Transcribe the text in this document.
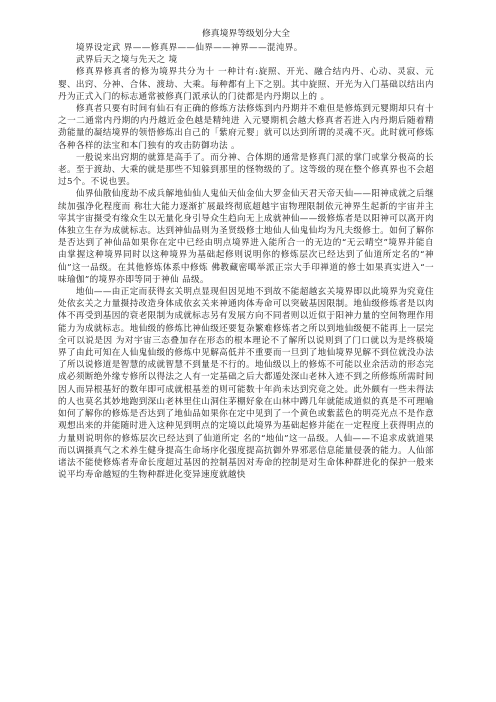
修真境界等级划分大全

境界设定武 界——修真界——仙界——神界——混沌界。

武界后天之境与先天之 境

修真界修真者的修为境界共分为十 一种计有:旋照、开光、融合结内丹、心动、灵寂、元婴、出窍、分神、合体、渡劫、大乘。每种都有上下之别。其中旋照、开光为入门基础以结出内丹为正式入门的标志通常被修真门派承认的门徒都是内丹期以上的 。

修真者只要有时间有仙石有正确的修炼方法修炼到内丹期并不难但是修炼到元婴期却只有十之一二通常内丹期的内丹越近金色越是精纯进 入元婴期机会越大修真者若进入内丹期后随着精劲能量的凝结境界的领悟修炼出自己的「紫府元婴」就可以达到所谓的灵魂不灭。此时就可修炼各种各样的法宝和本门独有的攻击防御功法 。

一般说来出窍期的就算是高手了。而分神、合体期的通常是修真门派的掌门或掌分极高的长老。至于渡劫、大乘的就是那些不知躲到那里的怪物级的了。这等级的现在整个修真界也不会超 过5个。不说也罢。

仙界仙散仙度劫不成兵解地仙仙人鬼仙天仙金仙大罗金仙天君天帝天仙——阳神成就之后继续加强净化程度而 称壮大能力逐渐扩展最终彻底超越宇宙物理限制依元神界生起新的宇宙并主宰其宇宙摄受有缘众生以无量化身引导众生趋向无上成就神仙——级修炼者是以阳神可以离开肉体独立生存为成就标志。达到神仙品则为圣贤级修士地仙人仙鬼仙均为凡夫级修士。如何了解你是否达到了神仙品如果你在定中已经由明点境界进入能所合一的无边的“无云晴空”境界并能自由掌握这种境界同时以这种境界为基础起修则说明你的修炼层次已经达到了仙道所定名的“神仙”这一品级。在其他修炼体系中修炼 佛教藏密噶举派正宗大手印禅道的修士如果真实进入“一味瑜伽”的境界亦即等同于神仙 品级。

地仙——由正定而获得玄关明点显现但因见地不到故不能超越玄关境界即以此境界为究竟住处依玄关之力量摄持改造身体成依玄关来神通肉体寿命可以突破基因限制。地仙级修炼者是以肉体不再受到基因的衰老限制为成就标志另有发展方向不同者则以近似于阳神力量的空间物理作用能力为成就标志。地仙级的修炼比神仙级还要复杂繁难修炼者之所以到地仙级便不能再上一层完全可以说是因 为对宇宙三态叠加存在形态的根本理论不了解所以说则到了门口就以为是终极境界了由此可知在人仙鬼仙级的修炼中见解高低并不重要而一旦到了地仙境界见解不到位就没办法了所以说修道是智慧的成就智慧不到量是不行的。地仙级以上的修炼不可能以业余活动的形态完成必须断绝外缘专修所以得法之人有一定基础之后大都遁处深山老林入迹不到之所修炼所需时间因人而异根基好的数年即可成就根基差的则可能数十年尚未达到究竟之处。此外颇有一些未得法的人也莫名其妙地跑到深山老林里住山洞住茅棚好象在山林中蹲几年就能成道似的真是不可理喻如何了解你的修炼是否达到了地仙品如果你在定中见到了一个黄色或紫蓝色的明亮光点不是作意观想出来的并能随时进入这种见到明点的定境以此境界为基础起修并能在一定程度上获得明点的力量则说明你的修炼层次已经达到了仙道所定 名的“地仙”这一品级。人仙——不追求成就道果而以调摄真气之术养生健身提高生命场序化强度提高抗御外界邪恶信息能量侵袭的能力。人仙部诸法不能使修炼者寿命长度超过基因的控制基因对寿命的控制是对生命体种群进化的保护一般来说平均寿命越短的生物种群进化变异速度就越快
